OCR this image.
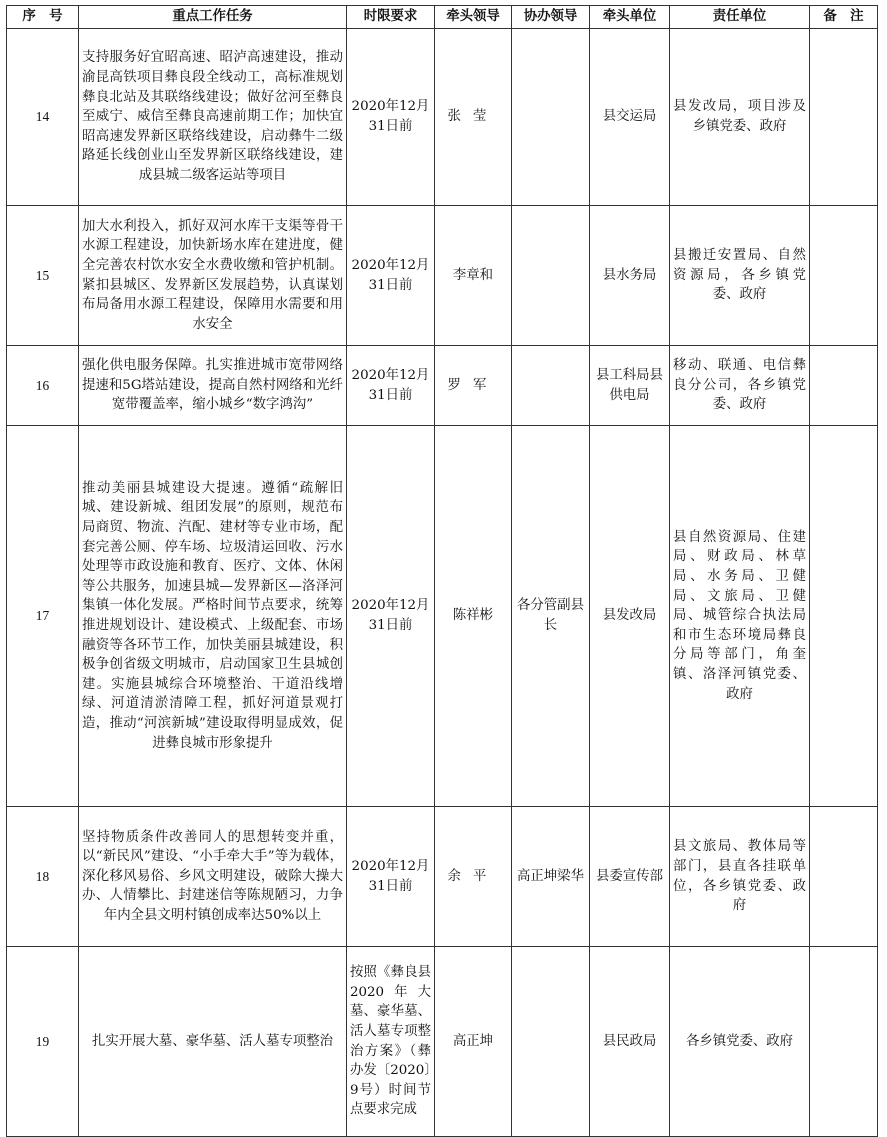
序　号	重点工作任务	时限要求	牵头领导	协办领导	牵头单位	责任单位	备　注
14	支持服务好宜昭高速、昭泸高速建设，推动渝昆高铁项目彝良段全线动工，高标准规划彝良北站及其联络线建设；做好岔河至彝良至威宁、威信至彝良高速前期工作；加快宜昭高速发界新区联络线建设，启动彝牛二级路延长线创业山至发界新区联络线建设，建成县城二级客运站等项目	2020年12月31日前	张莹		县交运局	县发改局，项目涉及乡镇党委、政府	
15	加大水利投入，抓好双河水库干支渠等骨干水源工程建设，加快新场水库在建进度，健全完善农村饮水安全水费收缴和管护机制。紧扣县城区、发界新区发展趋势，认真谋划布局备用水源工程建设，保障用水需要和用水安全	2020年12月31日前	李章和		县水务局	县搬迁安置局、自然资源局，各乡镇党委、政府	
16	强化供电服务保障。扎实推进城市宽带网络提速和5G塔站建设，提高自然村网络和光纤宽带覆盖率，缩小城乡“数字鸿沟”	2020年12月31日前	罗军		县工科局县供电局	移动、联通、电信彝良分公司，各乡镇党委、政府	
17	推动美丽县城建设大提速。遵循“疏解旧城、建设新城、组团发展”的原则，规范布局商贸、物流、汽配、建材等专业市场，配套完善公厕、停车场、垃圾清运回收、污水处理等市政设施和教育、医疗、文体、休闲等公共服务，加速县城—发界新区—洛泽河集镇一体化发展。严格时间节点要求，统筹推进规划设计、建设模式、上级配套、市场融资等各环节工作，加快美丽县城建设，积极争创省级文明城市，启动国家卫生县城创建。实施县城综合环境整治、干道沿线增绿、河道清淤清障工程，抓好河道景观打造，推动“河滨新城”建设取得明显成效，促进彝良城市形象提升	2020年12月31日前	陈祥彬	各分管副县长	县发改局	县自然资源局、住建局、财政局、林草局、水务局、卫健局、文旅局、卫健局、城管综合执法局和市生态环境局彝良分局等部门，角奎镇、洛泽河镇党委、政府	
18	坚持物质条件改善同人的思想转变并重，以“新民风”建设、“小手牵大手”等为载体，深化移风易俗、乡风文明建设，破除大操大办、人情攀比、封建迷信等陈规陋习，力争年内全县文明村镇创成率达50%以上	2020年12月31日前	余平	高正坤梁华	县委宣传部	县文旅局、教体局等部门，县直各挂联单位，各乡镇党委、政府	
19	扎实开展大墓、豪华墓、活人墓专项整治	按照《彝良县2020年大墓、豪华墓、活人墓专项整治方案》（彝办发〔2020〕9号）时间节点要求完成	高正坤		县民政局	各乡镇党委、政府	
